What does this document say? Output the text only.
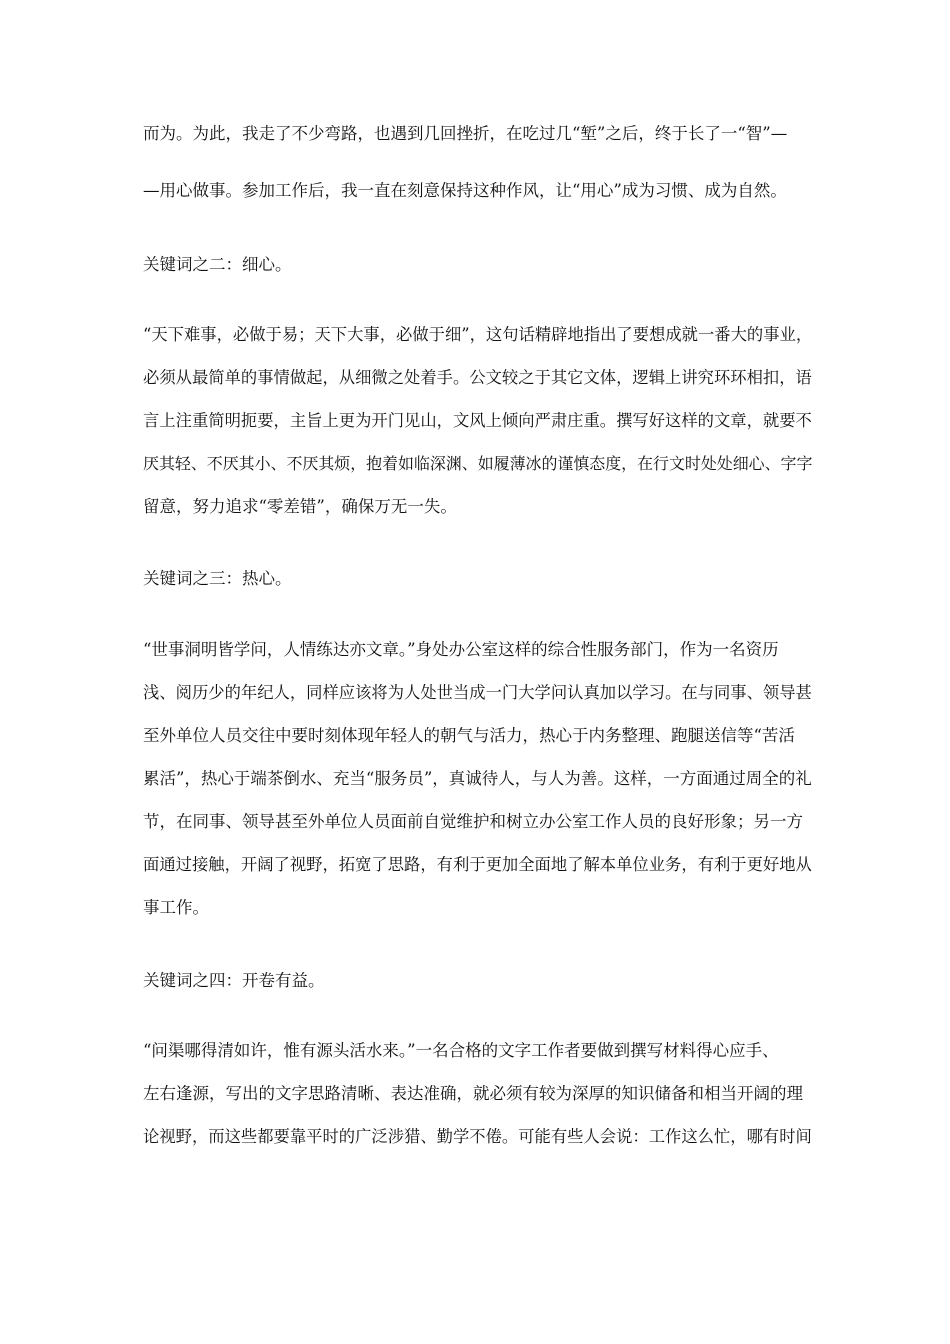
而为。为此，我走了不少弯路，也遇到几回挫折，在吃过几“堑”之后，终于长了一“智”—
—用心做事。参加工作后，我一直在刻意保持这种作风，让“用心”成为习惯、成为自然。
关键词之二：细心。
“天下难事，必做于易；天下大事，必做于细”，这句话精辟地指出了要想成就一番大的事业，
必须从最简单的事情做起，从细微之处着手。公文较之于其它文体，逻辑上讲究环环相扣，语
言上注重简明扼要，主旨上更为开门见山，文风上倾向严肃庄重。撰写好这样的文章，就要不
厌其轻、不厌其小、不厌其烦，抱着如临深渊、如履薄冰的谨慎态度，在行文时处处细心、字字
留意，努力追求“零差错”，确保万无一失。
关键词之三：热心。
“世事洞明皆学问，人情练达亦文章。”身处办公室这样的综合性服务部门，作为一名资历
浅、阅历少的年纪人，同样应该将为人处世当成一门大学问认真加以学习。在与同事、领导甚
至外单位人员交往中要时刻体现年轻人的朝气与活力，热心于内务整理、跑腿送信等“苦活
累活”，热心于端茶倒水、充当“服务员”，真诚待人，与人为善。这样，一方面通过周全的礼
节，在同事、领导甚至外单位人员面前自觉维护和树立办公室工作人员的良好形象；另一方
面通过接触，开阔了视野，拓宽了思路，有利于更加全面地了解本单位业务，有利于更好地从
事工作。
关键词之四：开卷有益。
“问渠哪得清如许，惟有源头活水来。”一名合格的文字工作者要做到撰写材料得心应手、
左右逢源，写出的文字思路清晰、表达准确，就必须有较为深厚的知识储备和相当开阔的理
论视野，而这些都要靠平时的广泛涉猎、勤学不倦。可能有些人会说：工作这么忙，哪有时间
